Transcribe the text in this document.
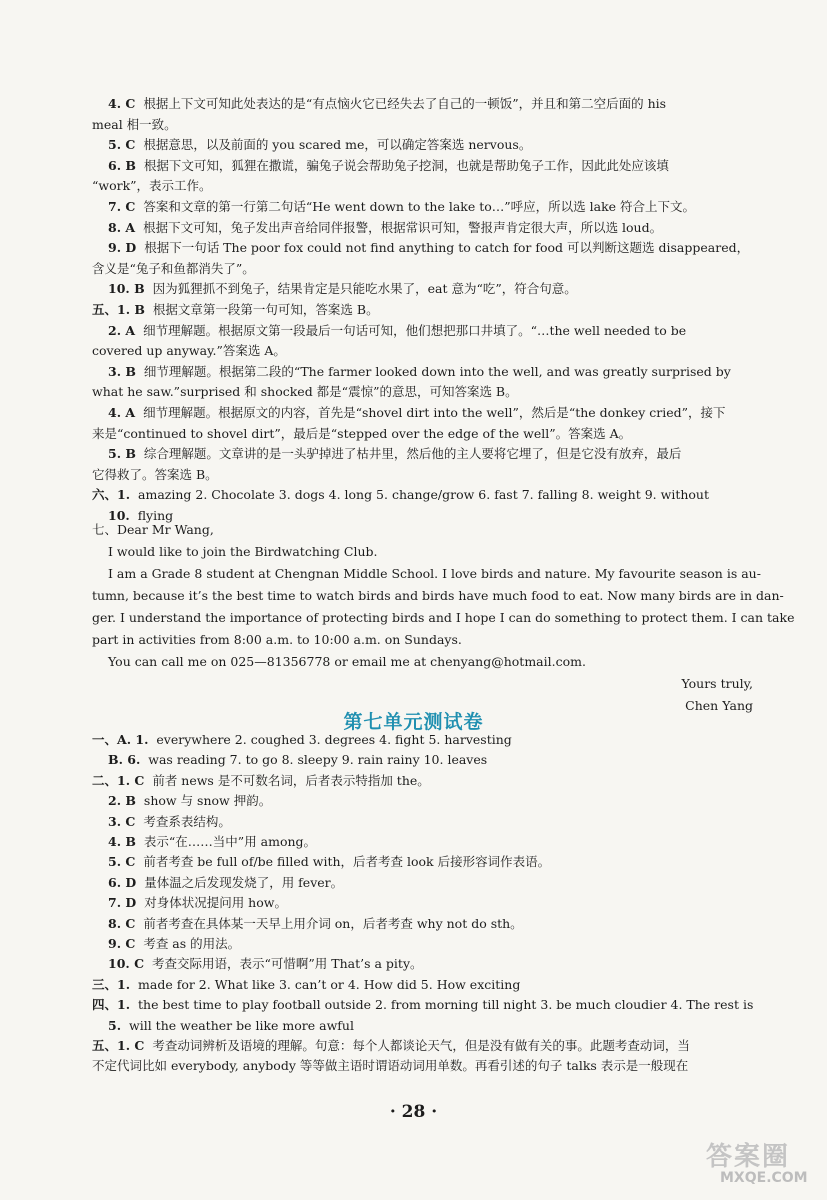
4. C 根据上下文可知此处表达的是“有点恼火它已经失去了自己的一顿饭”，并且和第二空后面的 his
meal 相一致。
5. C 根据意思，以及前面的 you scared me，可以确定答案选 nervous。
6. B 根据下文可知，狐狸在撒谎，骗兔子说会帮助兔子挖洞，也就是帮助兔子工作，因此此处应该填
“work”，表示工作。
7. C 答案和文章的第一行第二句话“He went down to the lake to…”呼应，所以选 lake 符合上下文。
8. A 根据下文可知，兔子发出声音给同伴报警，根据常识可知，警报声肯定很大声，所以选 loud。
9. D 根据下一句话 The poor fox could not find anything to catch for food 可以判断这题选 disappeared，
含义是“兔子和鱼都消失了”。
10. B 因为狐狸抓不到兔子，结果肯定是只能吃水果了，eat 意为“吃”，符合句意。
五、1. B 根据文章第一段第一句可知，答案选 B。
2. A 细节理解题。根据原文第一段最后一句话可知，他们想把那口井填了。“…the well needed to be
covered up anyway.”答案选 A。
3. B 细节理解题。根据第二段的“The farmer looked down into the well, and was greatly surprised by
what he saw.”surprised 和 shocked 都是“震惊”的意思，可知答案选 B。
4. A 细节理解题。根据原文的内容，首先是“shovel dirt into the well”，然后是“the donkey cried”，接下
来是“continued to shovel dirt”，最后是“stepped over the edge of the well”。答案选 A。
5. B 综合理解题。文章讲的是一头驴掉进了枯井里，然后他的主人要将它埋了，但是它没有放弃，最后
它得救了。答案选 B。
六、1. amazing 2. Chocolate 3. dogs 4. long 5. change/grow 6. fast 7. falling 8. weight 9. without
10. flying
七、Dear Mr Wang,
I would like to join the Birdwatching Club.
I am a Grade 8 student at Chengnan Middle School. I love birds and nature. My favourite season is au-
tumn, because it’s the best time to watch birds and birds have much food to eat. Now many birds are in dan-
ger. I understand the importance of protecting birds and I hope I can do something to protect them. I can take
part in activities from 8:00 a.m. to 10:00 a.m. on Sundays.
You can call me on 025—81356778 or email me at chenyang@hotmail.com.
Yours truly,
Chen Yang
第七单元测试卷
一、A. 1. everywhere 2. coughed 3. degrees 4. fight 5. harvesting
B. 6. was reading 7. to go 8. sleepy 9. rain rainy 10. leaves
二、1. C 前者 news 是不可数名词，后者表示特指加 the。
2. B show 与 snow 押韵。
3. C 考查系表结构。
4. B 表示“在……当中”用 among。
5. C 前者考查 be full of/be filled with，后者考查 look 后接形容词作表语。
6. D 量体温之后发现发烧了，用 fever。
7. D 对身体状况提问用 how。
8. C 前者考查在具体某一天早上用介词 on，后者考查 why not do sth。
9. C 考查 as 的用法。
10. C 考查交际用语，表示“可惜啊”用 That’s a pity。
三、1. made for 2. What like 3. can’t or 4. How did 5. How exciting
四、1. the best time to play football outside 2. from morning till night 3. be much cloudier 4. The rest is
5. will the weather be like more awful
五、1. C 考查动词辨析及语境的理解。句意：每个人都谈论天气，但是没有做有关的事。此题考查动词，当
不定代词比如 everybody, anybody 等等做主语时谓语动词用单数。再看引述的句子 talks 表示是一般现在
· 28 ·
答案圈
MXQE.COM
